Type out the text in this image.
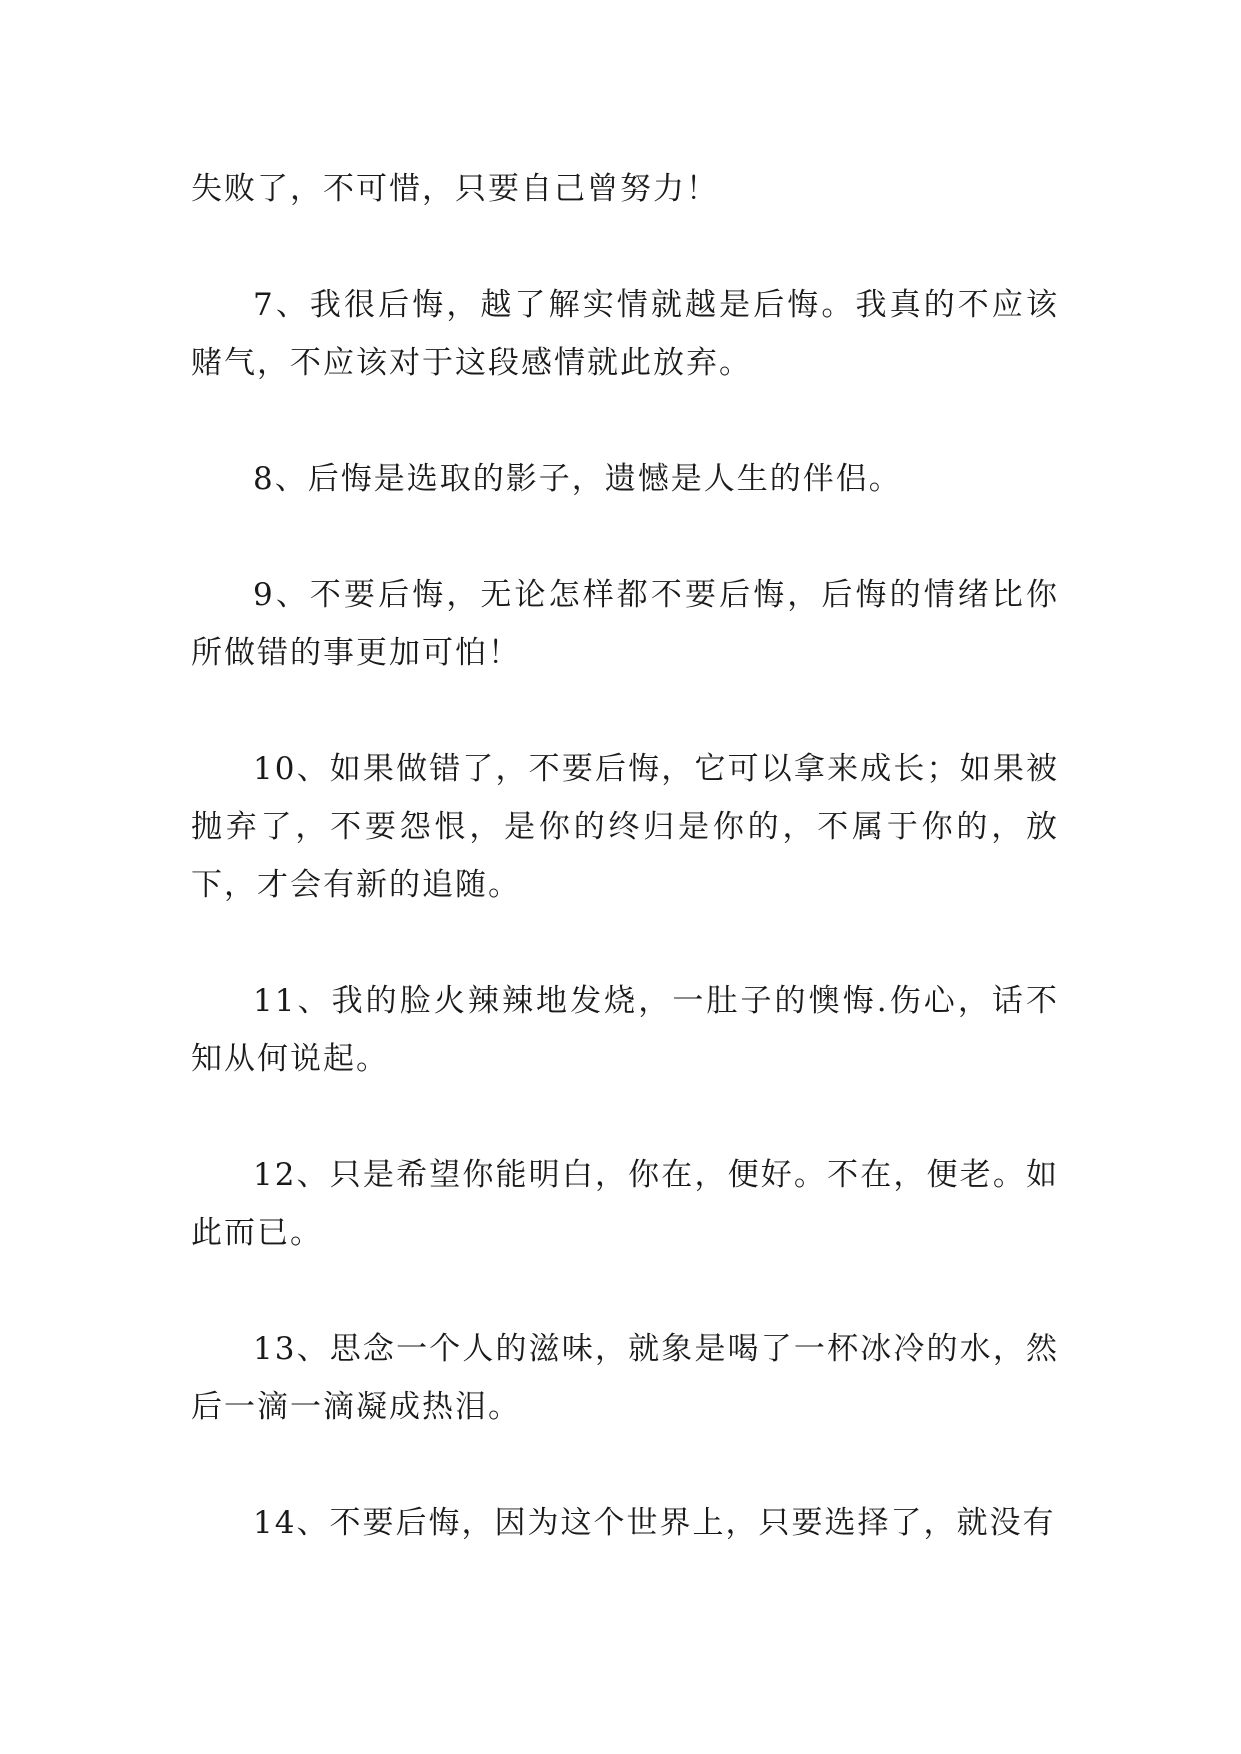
失败了，不可惜，只要自己曾努力！

7、我很后悔，越了解实情就越是后悔。我真的不应该赌气，不应该对于这段感情就此放弃。

8、后悔是选取的影子，遗憾是人生的伴侣。

9、不要后悔，无论怎样都不要后悔，后悔的情绪比你所做错的事更加可怕！

10、如果做错了，不要后悔，它可以拿来成长；如果被抛弃了，不要怨恨，是你的终归是你的，不属于你的，放下，才会有新的追随。

11、我的脸火辣辣地发烧，一肚子的懊悔.伤心，话不知从何说起。

12、只是希望你能明白，你在，便好。不在，便老。如此而已。

13、思念一个人的滋味，就象是喝了一杯冰冷的水，然后一滴一滴凝成热泪。

14、不要后悔，因为这个世界上，只要选择了，就没有
